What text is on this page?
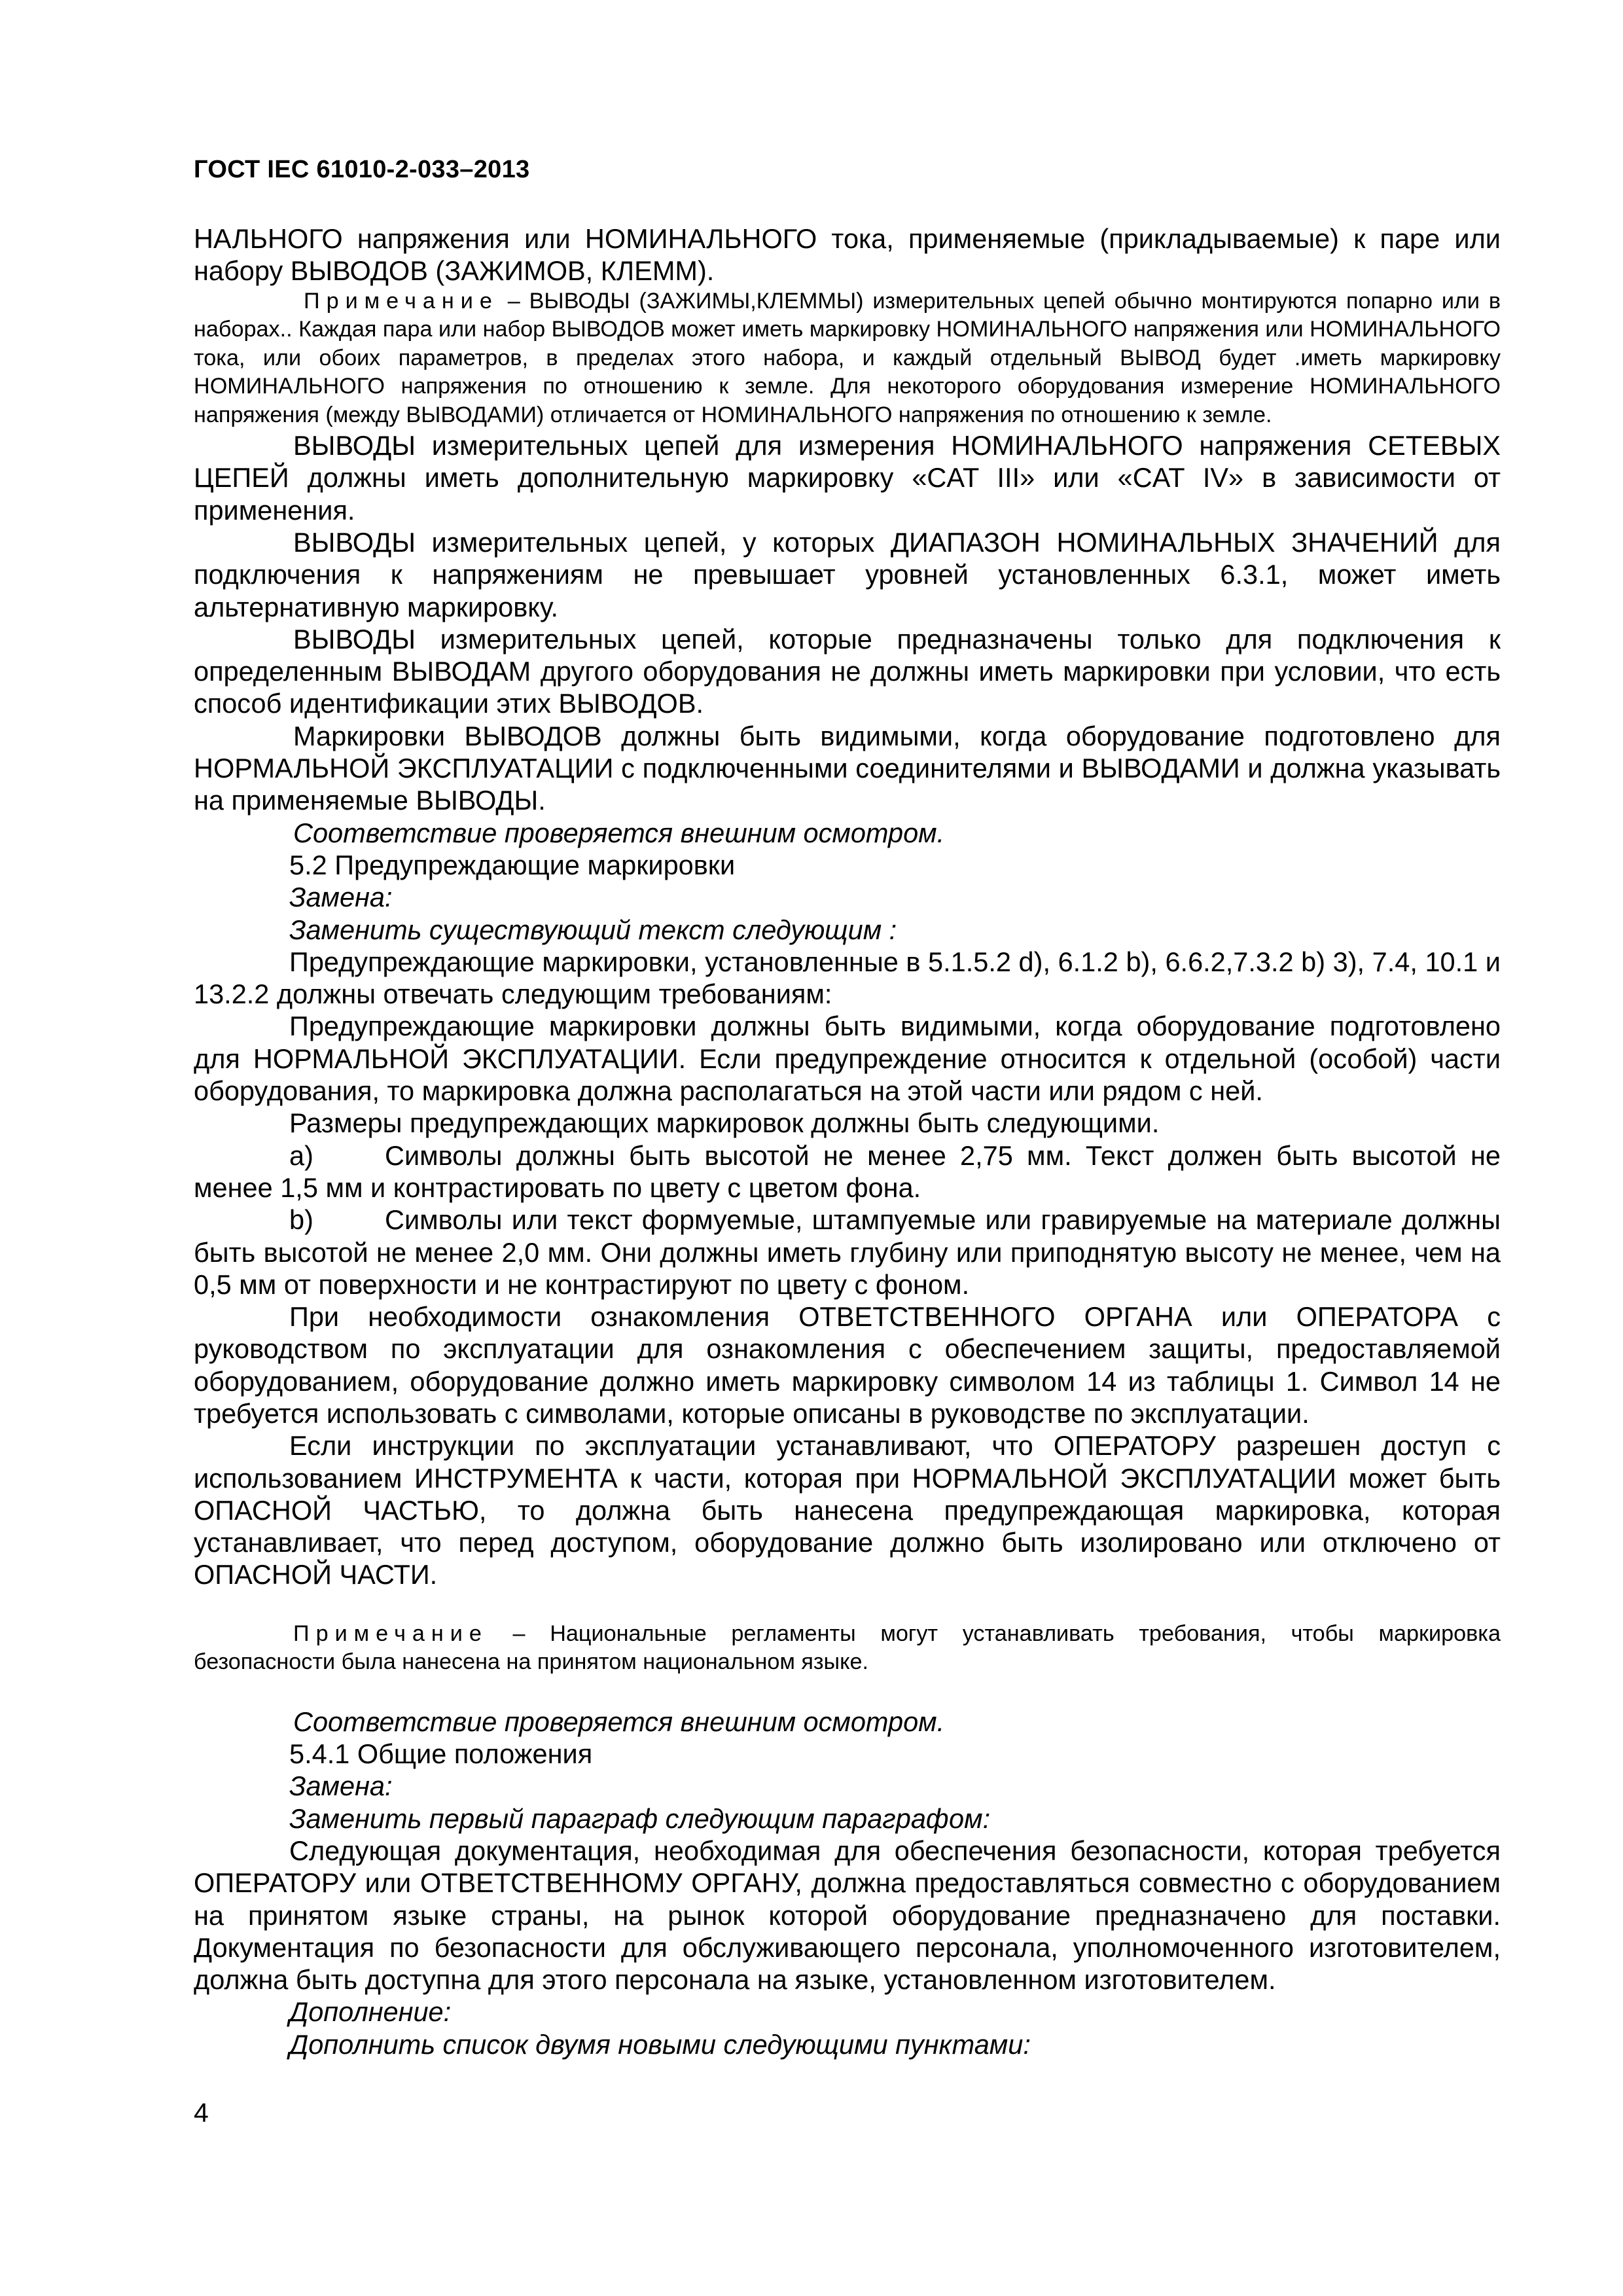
ГОСТ IEC 61010-2-033–2013

НАЛЬНОГО напряжения или НОМИНАЛЬНОГО тока, применяемые (прикладываемые) к паре или набору ВЫВОДОВ (ЗАЖИМОВ, КЛЕММ).

Примечание – ВЫВОДЫ (ЗАЖИМЫ,КЛЕММЫ) измерительных цепей обычно монтируются попарно или в наборах.. Каждая пара или набор ВЫВОДОВ может иметь маркировку НОМИНАЛЬНОГО напряжения или НОМИНАЛЬНОГО тока, или обоих параметров, в пределах этого набора, и каждый отдельный ВЫВОД будет .иметь маркировку НОМИНАЛЬНОГО напряжения по отношению к земле. Для некоторого оборудования измерение НОМИНАЛЬНОГО напряжения (между ВЫВОДАМИ) отличается от НОМИНАЛЬНОГО напряжения по отношению к земле.

ВЫВОДЫ измерительных цепей для измерения НОМИНАЛЬНОГО напряжения СЕТЕВЫХ ЦЕПЕЙ должны иметь дополнительную маркировку «CAT III» или «CAT IV» в зависимости от применения.

ВЫВОДЫ измерительных цепей, у которых ДИАПАЗОН НОМИНАЛЬНЫХ ЗНАЧЕНИЙ для подключения к напряжениям не превышает уровней установленных 6.3.1, может иметь альтернативную маркировку.

ВЫВОДЫ измерительных цепей, которые предназначены только для подключения к определенным ВЫВОДАМ другого оборудования не должны иметь маркировки при условии, что есть способ идентификации этих ВЫВОДОВ.

Маркировки ВЫВОДОВ должны быть видимыми, когда оборудование подготовлено для НОРМАЛЬНОЙ ЭКСПЛУАТАЦИИ с подключенными соединителями и ВЫВОДАМИ и должна указывать на применяемые ВЫВОДЫ.

Соответствие проверяется внешним осмотром.

5.2 Предупреждающие маркировки

Замена:

Заменить существующий текст следующим :

Предупреждающие маркировки, установленные в 5.1.5.2 d), 6.1.2 b), 6.6.2,7.3.2 b) 3), 7.4, 10.1 и 13.2.2 должны отвечать следующим требованиям:

Предупреждающие маркировки должны быть видимыми, когда оборудование подготовлено для НОРМАЛЬНОЙ ЭКСПЛУАТАЦИИ. Если предупреждение относится к отдельной (особой) части оборудования, то маркировка должна располагаться на этой части или рядом с ней.

Размеры предупреждающих маркировок должны быть следующими.

a)	Символы должны быть высотой не менее 2,75 мм. Текст должен быть высотой не менее 1,5 мм и контрастировать по цвету с цветом фона.

b)	Символы или текст формуемые, штампуемые или гравируемые на материале должны быть высотой не менее 2,0 мм. Они должны иметь глубину или приподнятую высоту не менее, чем на 0,5 мм от поверхности и не контрастируют по цвету с фоном.

При необходимости ознакомления ОТВЕТСТВЕННОГО ОРГАНА или ОПЕРАТОРА с руководством по эксплуатации для ознакомления с обеспечением защиты, предоставляемой оборудованием, оборудование должно иметь маркировку символом 14 из таблицы 1. Символ 14 не требуется использовать с символами, которые описаны в руководстве по эксплуатации.

Если инструкции по эксплуатации устанавливают, что ОПЕРАТОРУ разрешен доступ с использованием ИНСТРУМЕНТА к части, которая при НОРМАЛЬНОЙ ЭКСПЛУАТАЦИИ может быть ОПАСНОЙ ЧАСТЬЮ, то должна быть нанесена предупреждающая маркировка, которая устанавливает, что перед доступом, оборудование должно быть изолировано или отключено от ОПАСНОЙ ЧАСТИ.

Примечание – Национальные регламенты могут устанавливать требования, чтобы маркировка безопасности была нанесена на принятом национальном языке.

Соответствие проверяется внешним осмотром.

5.4.1 Общие положения

Замена:

Заменить первый параграф следующим параграфом:

Следующая документация, необходимая для обеспечения безопасности, которая требуется ОПЕРАТОРУ или ОТВЕТСТВЕННОМУ ОРГАНУ, должна предоставляться совместно с оборудованием на принятом языке страны, на рынок которой оборудование предназначено для поставки. Документация по безопасности для обслуживающего персонала, уполномоченного изготовителем, должна быть доступна для этого персонала на языке, установленном изготовителем.

Дополнение:

Дополнить список двумя новыми следующими пунктами:

4
